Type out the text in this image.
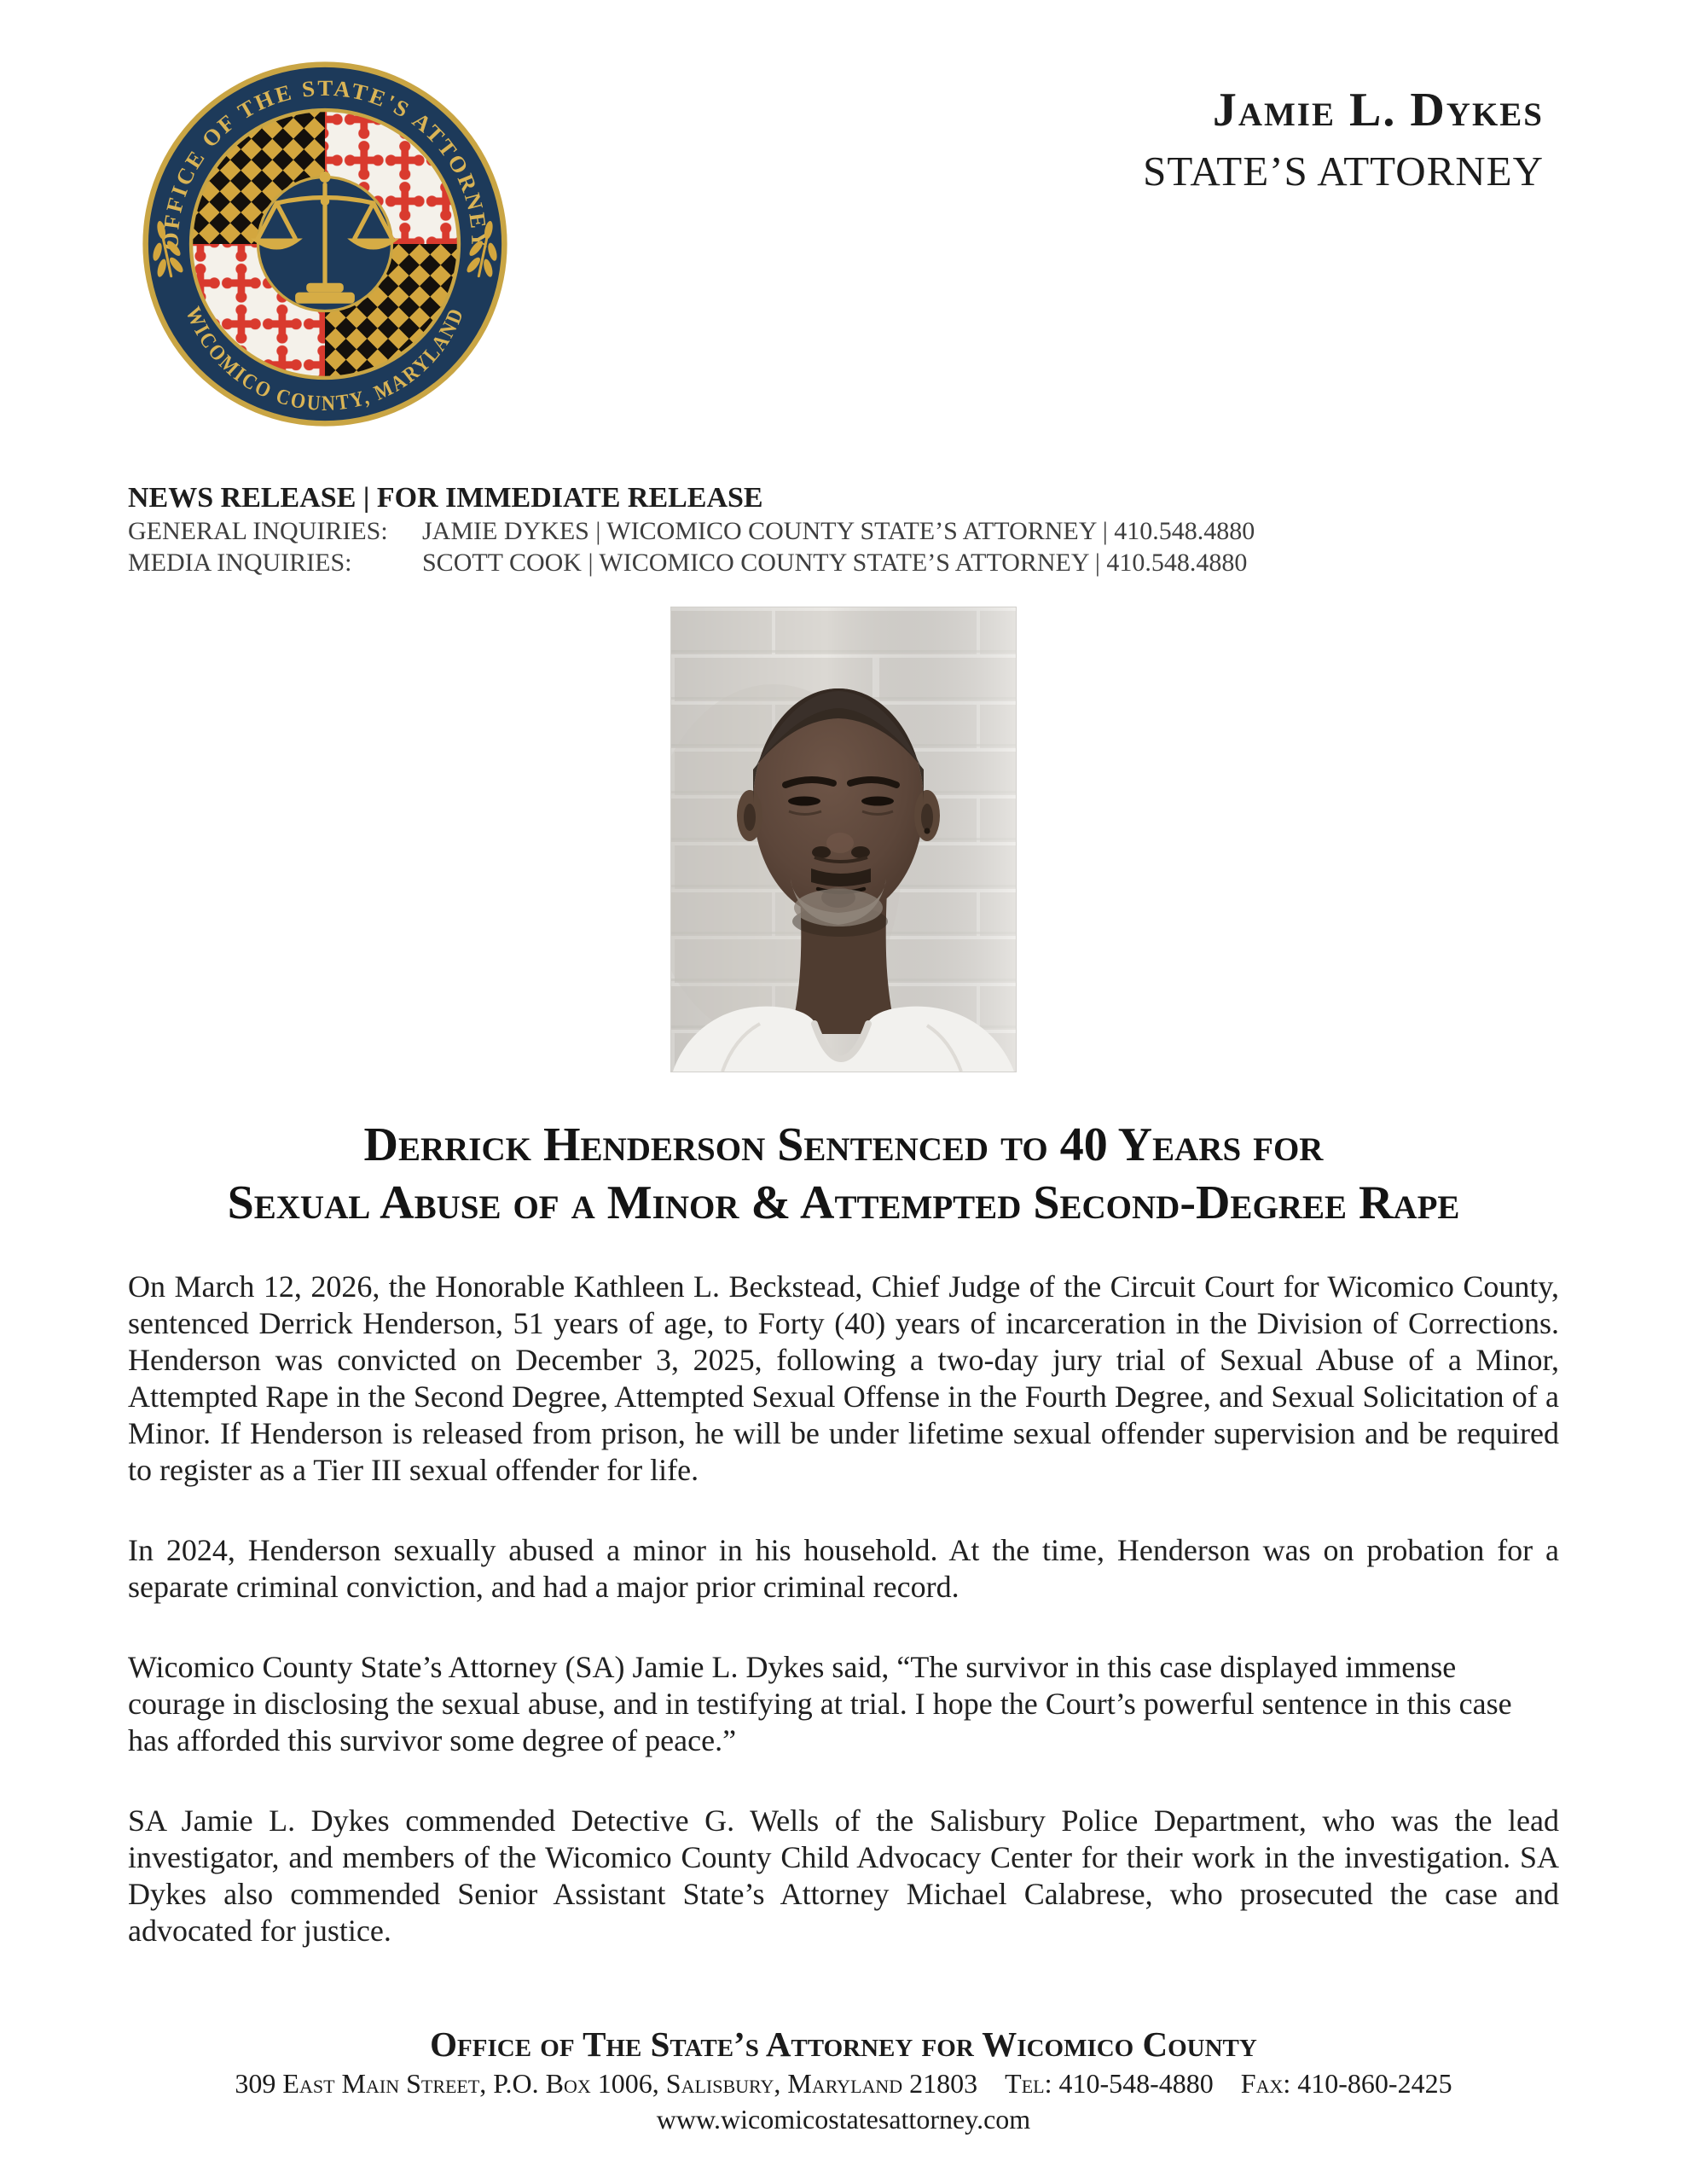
OFFICE OF THE STATE'S ATTORNEY
WICOMICO COUNTY, MARYLAND
Jamie L. Dykes
STATE’S ATTORNEY
NEWS RELEASE | FOR IMMEDIATE RELEASE
GENERAL INQUIRIES: JAMIE DYKES | WICOMICO COUNTY STATE’S ATTORNEY | 410.548.4880
MEDIA INQUIRIES:	SCOTT COOK | WICOMICO COUNTY STATE’S ATTORNEY | 410.548.4880
Derrick Henderson Sentenced to 40 Years for
Sexual Abuse of a Minor & Attempted Second-Degree Rape

On March 12, 2026, the Honorable Kathleen L. Beckstead, Chief Judge of the Circuit Court for Wicomico County, sentenced Derrick Henderson, 51 years of age, to Forty (40) years of incarceration in the Division of Corrections. Henderson was convicted on December 3, 2025, following a two-day jury trial of Sexual Abuse of a Minor, Attempted Rape in the Second Degree, Attempted Sexual Offense in the Fourth Degree, and Sexual Solicitation of a Minor. If Henderson is released from prison, he will be under lifetime sexual offender supervision and be required to register as a Tier III sexual offender for life.

In 2024, Henderson sexually abused a minor in his household. At the time, Henderson was on probation for a separate criminal conviction, and had a major prior criminal record.

Wicomico County State’s Attorney (SA) Jamie L. Dykes said, “The survivor in this case displayed immense courage in disclosing the sexual abuse, and in testifying at trial. I hope the Court’s powerful sentence in this case has afforded this survivor some degree of peace.”

SA Jamie L. Dykes commended Detective G. Wells of the Salisbury Police Department, who was the lead investigator, and members of the Wicomico County Child Advocacy Center for their work in the investigation. SA Dykes also commended Senior Assistant State’s Attorney Michael Calabrese, who prosecuted the case and advocated for justice.

Office of The State’s Attorney for Wicomico County
309 East Main Street, P.O. Box 1006, Salisbury, Maryland 21803  Tel: 410-548-4880  Fax: 410-860-2425
www.wicomicostatesattorney.com
